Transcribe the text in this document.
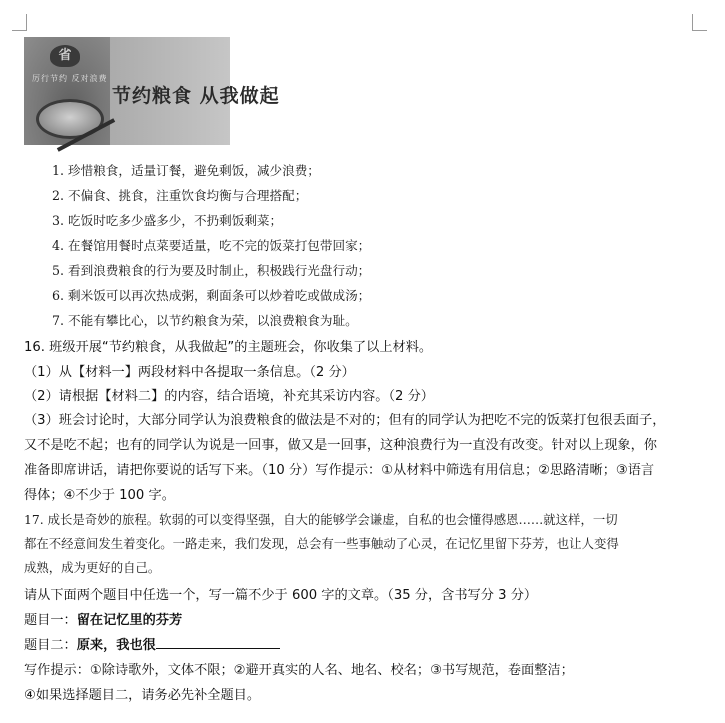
省
厉行节约 反对浪费
节约粮食 从我做起
1. 珍惜粮食，适量订餐，避免剩饭，减少浪费；
2. 不偏食、挑食，注重饮食均衡与合理搭配；
3. 吃饭时吃多少盛多少，不扔剩饭剩菜；
4. 在餐馆用餐时点菜要适量，吃不完的饭菜打包带回家；
5. 看到浪费粮食的行为要及时制止，积极践行光盘行动；
6. 剩米饭可以再次热成粥，剩面条可以炒着吃或做成汤；
7. 不能有攀比心，以节约粮食为荣，以浪费粮食为耻。
16. 班级开展“节约粮食，从我做起”的主题班会，你收集了以上材料。
（1）从【材料一】两段材料中各提取一条信息。（2 分）
（2）请根据【材料二】的内容，结合语境，补充其采访内容。（2 分）
（3）班会讨论时，大部分同学认为浪费粮食的做法是不对的；但有的同学认为把吃不完的饭菜打包很丢面子，
又不是吃不起；也有的同学认为说是一回事，做又是一回事，这种浪费行为一直没有改变。针对以上现象，你
准备即席讲话，请把你要说的话写下来。（10 分）写作提示：①从材料中筛选有用信息；②思路清晰；③语言
得体；④不少于 100 字。
17. 成长是奇妙的旅程。软弱的可以变得坚强，自大的能够学会谦虚，自私的也会懂得感恩……就这样，一切
都在不经意间发生着变化。一路走来，我们发现，总会有一些事触动了心灵，在记忆里留下芬芳，也让人变得
成熟，成为更好的自己。
请从下面两个题目中任选一个，写一篇不少于 600 字的文章。（35 分，含书写分 3 分）
题目一：留在记忆里的芬芳
题目二：原来，我也很
写作提示：①除诗歌外，文体不限；②避开真实的人名、地名、校名；③书写规范，卷面整洁；
④如果选择题目二，请务必先补全题目。
